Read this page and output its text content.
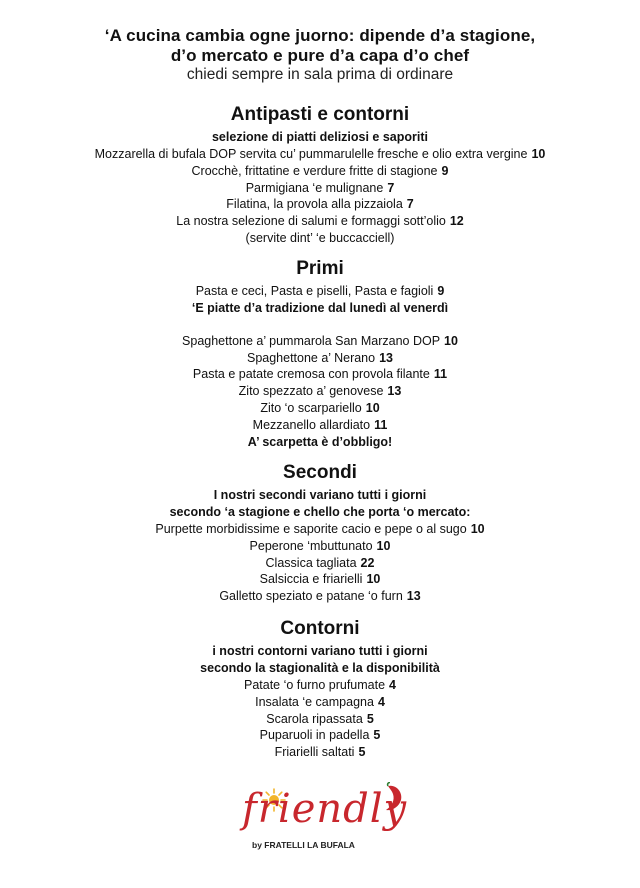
‘A cucina cambia ogne juorno: dipende d’a stagione,
d’o mercato e pure d’a capa d’o chef
chiedi sempre in sala prima di ordinare
Antipasti e contorni
selezione di piatti deliziosi e saporiti
Mozzarella di bufala DOP servita cu’ pummarulelle fresche e olio extra vergine 10
Crocchè, frittatine e verdure fritte di stagione 9
Parmigiana ‘e mulignane 7
Filatina, la provola alla pizzaiola 7
La nostra selezione di salumi e formaggi sott’olio 12
(servite dint’ ‘e buccacciell)
Primi
Pasta e ceci, Pasta e piselli, Pasta e fagioli 9
‘E piatte d’a tradizione dal lunedì al venerdì
Spaghettone a’ pummarola San Marzano DOP 10
Spaghettone a’ Nerano 13
Pasta e patate cremosa con provola filante 11
Zito spezzato a’ genovese 13
Zito ‘o scarpariello 10
Mezzanello allardiato 11
A’ scarpetta è d’obbligo!
Secondi
I nostri secondi variano tutti i giorni
secondo ‘a stagione e chello che porta ‘o mercato:
Purpette morbidissime e saporite cacio e pepe o al sugo 10
Peperone ‘mbuttunato 10
Classica tagliata 22
Salsiccia e friarielli 10
Galletto speziato e patane ‘o furn 13
Contorni
i nostri contorni variano tutti i giorni
secondo la stagionalità e la disponibilità
Patate ‘o furno prufumate 4
Insalata ‘e campagna 4
Scarola ripassata 5
Puparuoli in padella 5
Friarielli saltati 5
friendly
by FRATELLI LA BUFALA
